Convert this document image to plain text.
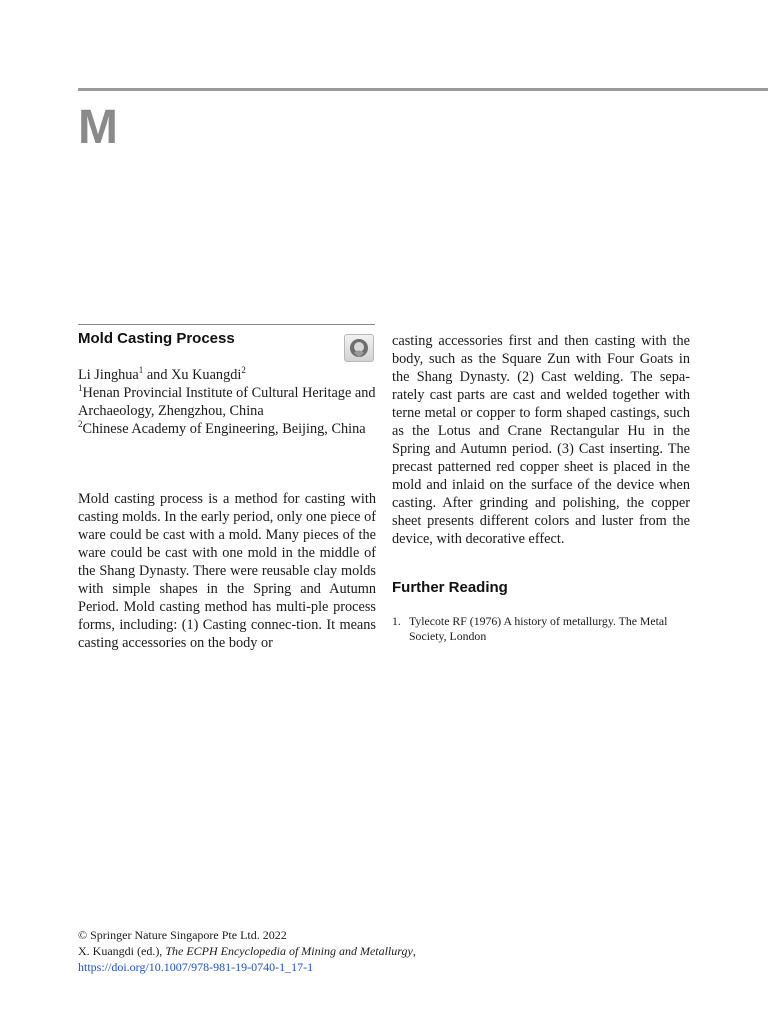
M
Mold Casting Process
Li Jinghua$^1$ and Xu Kuangdi$^2$
$^1$Henan Provincial Institute of Cultural Heritage and Archaeology, Zhengzhou, China
$^2$Chinese Academy of Engineering, Beijing, China

Mold casting process is a method for casting with casting molds. In the early period, only one piece of ware could be cast with a mold. Many pieces of the ware could be cast with one mold in the middle of the Shang Dynasty. There were reusable clay molds with simple shapes in the Spring and Autumn Period. Mold casting method has multi-ple process forms, including: (1) Casting connec-tion. It means casting accessories on the body or

casting accessories first and then casting with the body, such as the Square Zun with Four Goats in the Shang Dynasty. (2) Cast welding. The sepa-rately cast parts are cast and welded together with terne metal or copper to form shaped castings, such as the Lotus and Crane Rectangular Hu in the Spring and Autumn period. (3) Cast inserting. The precast patterned red copper sheet is placed in the mold and inlaid on the surface of the device when casting. After grinding and polishing, the copper sheet presents different colors and luster from the device, with decorative effect.

Further Reading
1. Tylecote RF (1976) A history of metallurgy. The Metal Society, London
© Springer Nature Singapore Pte Ltd. 2022
X. Kuangdi (ed.), The ECPH Encyclopedia of Mining and Metallurgy,
https://doi.org/10.1007/978-981-19-0740-1_17-1
